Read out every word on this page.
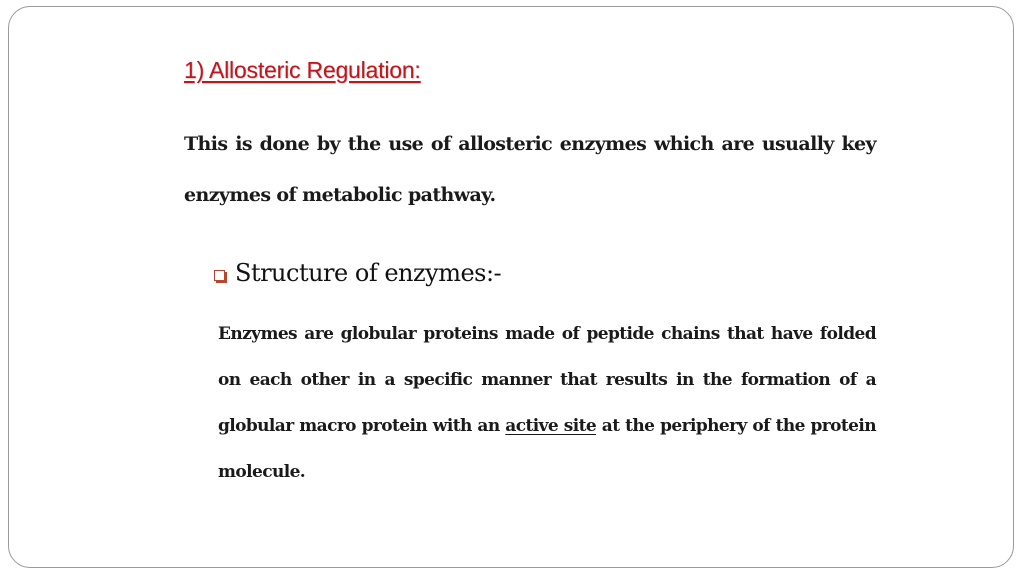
1) Allosteric Regulation:

This is done by the use of allosteric enzymes which are usually key enzymes of metabolic pathway.

Structure of enzymes:-

Enzymes are globular proteins made of peptide chains that have folded on each other in a specific manner that results in the formation of a globular macro protein with an active site at the periphery of the protein molecule.
